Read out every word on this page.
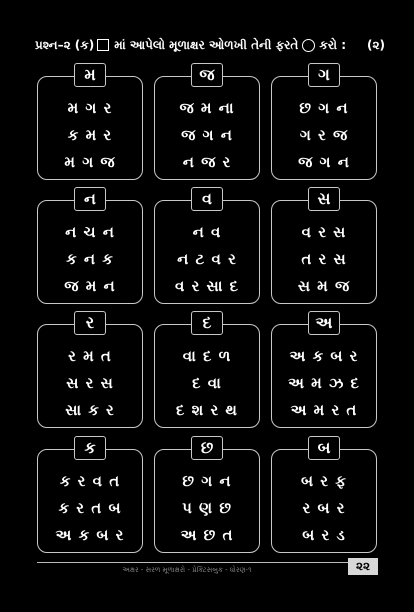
પ્રશ્ન–૨ (ક) માં આપેલો મૂળાક્ષર ઓળખી તેની ફરતે કરો : (૨)
મ
મ ગ ર
ક મ ર
મ ગ જ
જ
જ મ ના
જ ગ ન
ન જ ર
ગ
છ ગ ન
ગ ર જ
જ ગ ન
ન
ન ચ ન
ક ન ક
જ મ ન
વ
ન વ
ન ટ વ ર
વ ર સા દ
સ
વ ર સ
ત ર સ
સ મ જ
ર
ર મ ત
સ ર સ
સા ક ર
દ
વા દ ળ
દ વા
દ શ ર થ
અ
અ ક બ ર
અ મ ઝ દ
અ મ ર ત
ક
ક ર વ ત
ક ર ત બ
અ ક બ ર
છ
છ ગ ન
પ ણ છ
અ છ ત
બ
બ ર ફ
ર બ ર
બ ર ડ
અક્ષર - સરળ મૂળાક્ષરો - પ્રેક્ટિસબુક - ધોરણ-૧	૨૨
